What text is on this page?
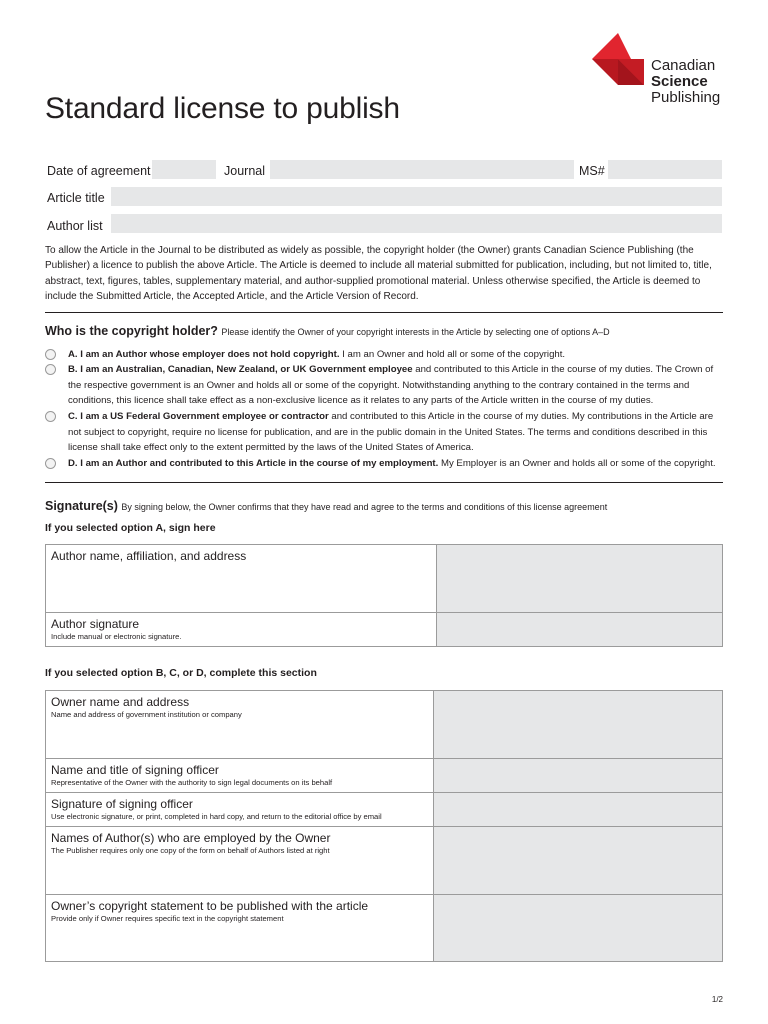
Canadian
Science
Publishing
Standard license to publish
Date of agreement	Journal	MS#
Article title
Author list

To allow the Article in the Journal to be distributed as widely as possible, the copyright holder (the Owner) grants Canadian Science Publishing (the Publisher) a licence to publish the above Article. The Article is deemed to include all material submitted for publication, including, but not limited to, title, abstract, text, figures, tables, supplementary material, and author-supplied promotional material. Unless otherwise specified, the Article is deemed to include the Submitted Article, the Accepted Article, and the Article Version of Record.

Who is the copyright holder? Please identify the Owner of your copyright interests in the Article by selecting one of options A–D
A. I am an Author whose employer does not hold copyright. I am an Owner and hold all or some of the copyright.
B. I am an Australian, Canadian, New Zealand, or UK Government employee and contributed to this Article in the course of my duties. The Crown of the respective government is an Owner and holds all or some of the copyright. Notwithstanding anything to the contrary contained in the terms and conditions, this licence shall take effect as a non-exclusive licence as it relates to any parts of the Article written in the course of my duties.
C. I am a US Federal Government employee or contractor and contributed to this Article in the course of my duties. My contributions in the Article are not subject to copyright, require no license for publication, and are in the public domain in the United States. The terms and conditions described in this license shall take effect only to the extent permitted by the laws of the United States of America.
D. I am an Author and contributed to this Article in the course of my employment. My Employer is an Owner and holds all or some of the copyright.
Signature(s) By signing below, the Owner confirms that they have read and agree to the terms and conditions of this license agreement
If you selected option A, sign here
Author name, affiliation, and address	

Author signature
Include manual or electronic signature.	

If you selected option B, C, or D, complete this section
Owner name and address
Name and address of government institution or company	

Name and title of signing officer
Representative of the Owner with the authority to sign legal documents on its behalf	

Signature of signing officer
Use electronic signature, or print, completed in hard copy, and return to the editorial office by email	

Names of Author(s) who are employed by the Owner
The Publisher requires only one copy of the form on behalf of Authors listed at right	

Owner’s copyright statement to be published with the article
Provide only if Owner requires specific text in the copyright statement	

1/2
